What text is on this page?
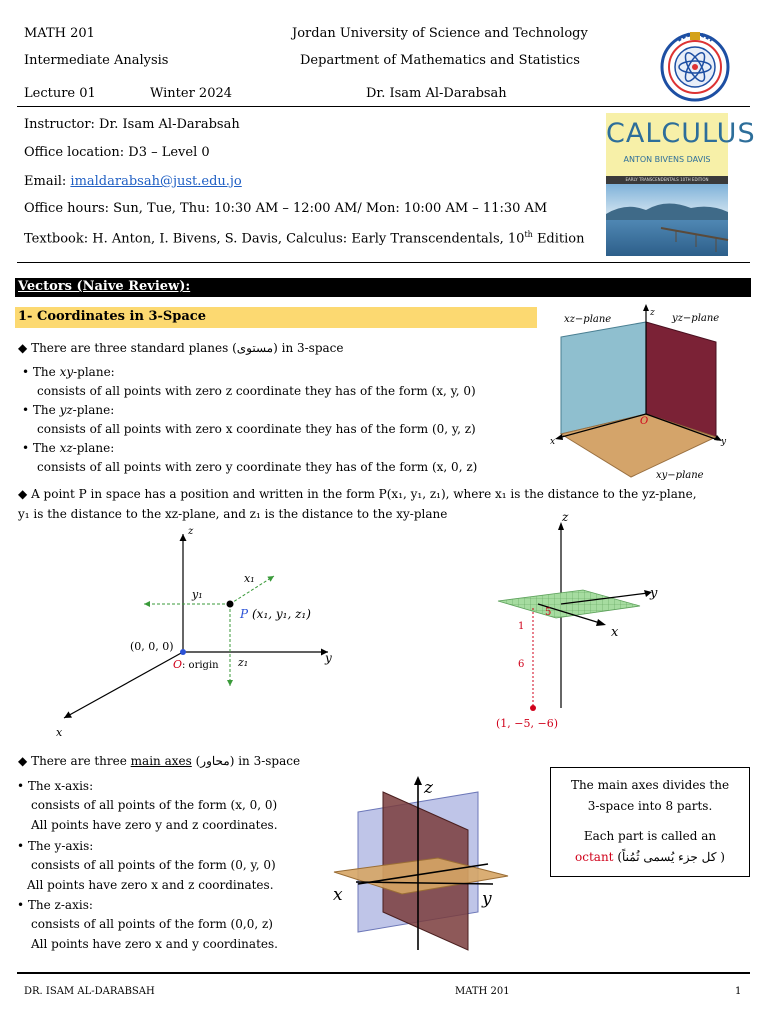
MATH 201
Intermediate Analysis
Lecture 01	Winter 2024
Jordan University of Science and Technology
Department of Mathematics and Statistics
Dr. Isam Al-Darabsah
Instructor: Dr. Isam Al-Darabsah
Office location: D3 – Level 0
Email: imaldarabsah@just.edu.jo
Office hours: Sun, Tue, Thu: 10:30 AM – 12:00 AM/ Mon: 10:00 AM – 11:30 AM
Textbook: H. Anton, I. Bivens, S. Davis, Calculus: Early Transcendentals, 10th Edition
CALCULUS
ANTON BIVENS DAVIS
EARLY TRANSCENDENTALS 10TH EDITION
Vectors (Naive Review):
1- Coordinates in 3-Space
◆ There are three standard planes (مستوى) in 3-space
• The xy-plane:
consists of all points with zero z coordinate they has of the form (x, y, 0)
• The yz-plane:
consists of all points with zero x coordinate they has of the form (0, y, z)
• The xz-plane:
consists of all points with zero y coordinate they has of the form (x, 0, z)
xz−plane	yz−plane
xy−plane
z
x	y
O
◆ A point P in space has a position and written in the form P(x₁, y₁, z₁), where x₁ is the distance to the yz-plane,
y₁ is the distance to the xz-plane, and z₁ is the distance to the xy-plane
z
y
x
y₁
x₁
z₁
P (x₁, y₁, z₁)
(0, 0, 0)
O : origin
z
y
x
5
1
6
(1, −5, −6)
◆ There are three main axes (محاور) in 3-space
• The x-axis:
consists of all points of the form (x, 0, 0)
All points have zero y and z coordinates.
• The y-axis:
consists of all points of the form (0, y, 0)
All points have zero x and z coordinates.
• The z-axis:
consists of all points of the form (0,0, z)
All points have zero x and y coordinates.
z
x	y
The main axes divides the
3-space into 8 parts.
Each part is called an
octant (كل جزء يُسمى ثُمُناً )
DR. ISAM AL-DARABSAH	MATH 201	1
